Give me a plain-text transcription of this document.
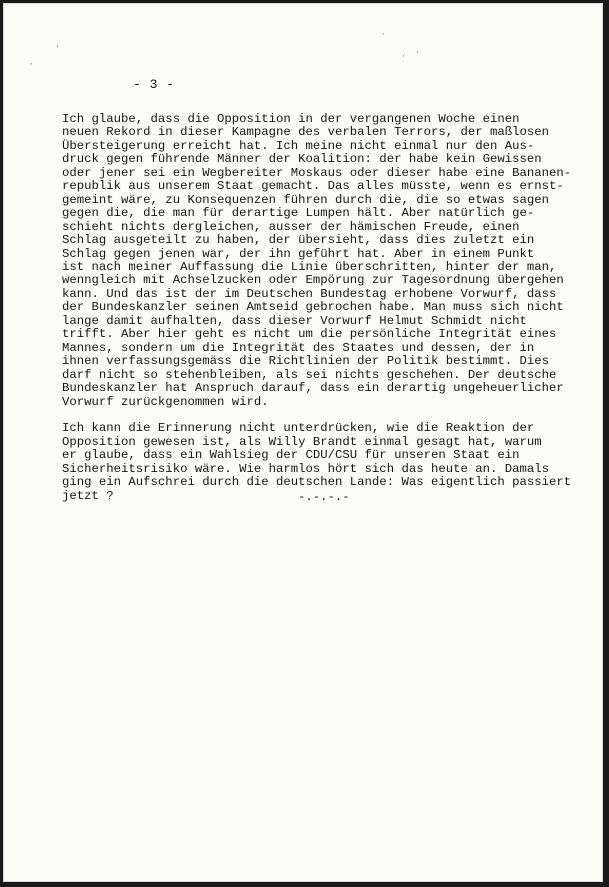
·
·
·
· ·
- 3 -
Ich glaube, dass die Opposition in der vergangenen Woche einen
neuen Rekord in dieser Kampagne des verbalen Terrors, der maßlosen
Übersteigerung erreicht hat. Ich meine nicht einmal nur den Aus-
druck gegen führende Männer der Koalition: der habe kein Gewissen
oder jener sei ein Wegbereiter Moskaus oder dieser habe eine Bananen-
republik aus unserem Staat gemacht. Das alles müsste, wenn es ernst-
gemeint wäre, zu Konsequenzen führen durch die, die so etwas sagen
gegen die, die man für derartige Lumpen hält. Aber natürlich ge-
schieht nichts dergleichen, ausser der hämischen Freude, einen
Schlag ausgeteilt zu haben, der übersieht, dass dies zuletzt ein
Schlag gegen jenen war, der ihn geführt hat. Aber in einem Punkt
ist nach meiner Auffassung die Linie überschritten, hinter der man,
wenngleich mit Achselzucken oder Empörung zur Tagesordnung übergehen
kann. Und das ist der im Deutschen Bundestag erhobene Vorwurf, dass
der Bundeskanzler seinen Amtseid gebrochen habe. Man muss sich nicht
lange damit aufhalten, dass dieser Vorwurf Helmut Schmidt nicht
trifft. Aber hier geht es nicht um die persönliche Integrität eines
Mannes, sondern um die Integrität des Staates und dessen, der in
ihnen verfassungsgemäss die Richtlinien der Politik bestimmt. Dies
darf nicht so stehenbleiben, als sei nichts geschehen. Der deutsche
Bundeskanzler hat Anspruch darauf, dass ein derartig ungeheuerlicher
Vorwurf zurückgenommen wird.
Ich kann die Erinnerung nicht unterdrücken, wie die Reaktion der
Opposition gewesen ist, als Willy Brandt einmal gesagt hat, warum
er glaube, dass ein Wahlsieg der CDU/CSU für unseren Staat ein
Sicherheitsrisiko wäre. Wie harmlos hört sich das heute an. Damals
ging ein Aufschrei durch die deutschen Lande: Was eigentlich passiert
jetzt ?	-.-.-.-
